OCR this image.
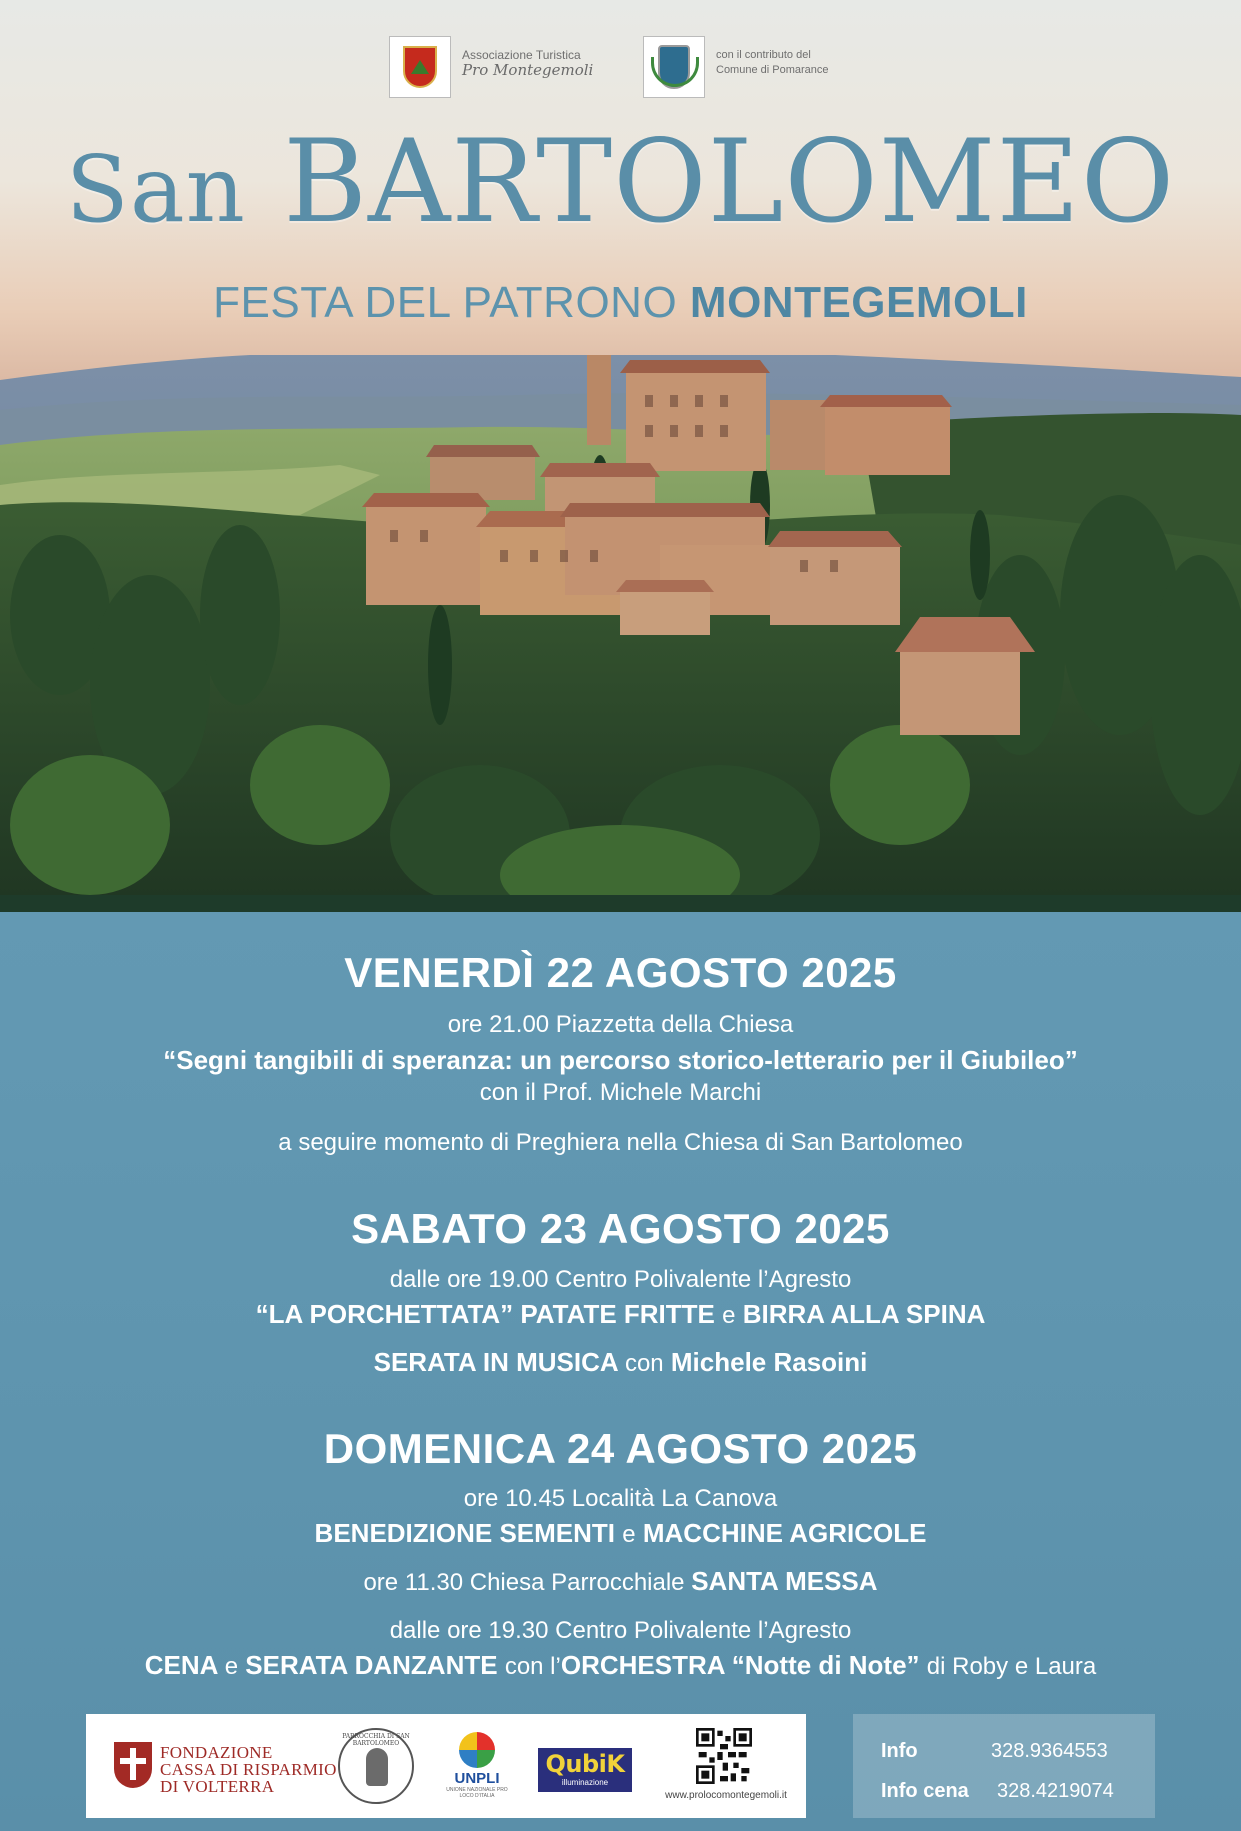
Associazione Turistica
Pro Montegemoli
con il contributo del
Comune di Pomarance
San BARTOLOMEO
FESTA DEL PATRONO MONTEGEMOLI
VENERDÌ 22 AGOSTO 2025
ore 21.00 Piazzetta della Chiesa
“Segni tangibili di speranza: un percorso storico-letterario per il Giubileo”
con il Prof. Michele Marchi
a seguire momento di Preghiera nella Chiesa di San Bartolomeo
SABATO 23 AGOSTO 2025
dalle ore 19.00 Centro Polivalente l’Agresto
“LA PORCHETTATA” PATATE FRITTE e BIRRA ALLA SPINA
SERATA IN MUSICA con Michele Rasoini
DOMENICA 24 AGOSTO 2025
ore 10.45 Località La Canova
BENEDIZIONE SEMENTI e MACCHINE AGRICOLE
ore 11.30 Chiesa Parrocchiale SANTA MESSA
dalle ore 19.30 Centro Polivalente l’Agresto
CENA e SERATA DANZANTE con l’ORCHESTRA “Notte di Note” di Roby e Laura
FONDAZIONE
CASSA DI RISPARMIO
DI VOLTERRA
PARROCCHIA DI SAN BARTOLOMEO
UNPLI
UNIONE NAZIONALE PRO LOCO D'ITALIA
QubiK
illuminazione
www.prolocomontegemoli.it
Info	328.9364553
Info cena 328.4219074
